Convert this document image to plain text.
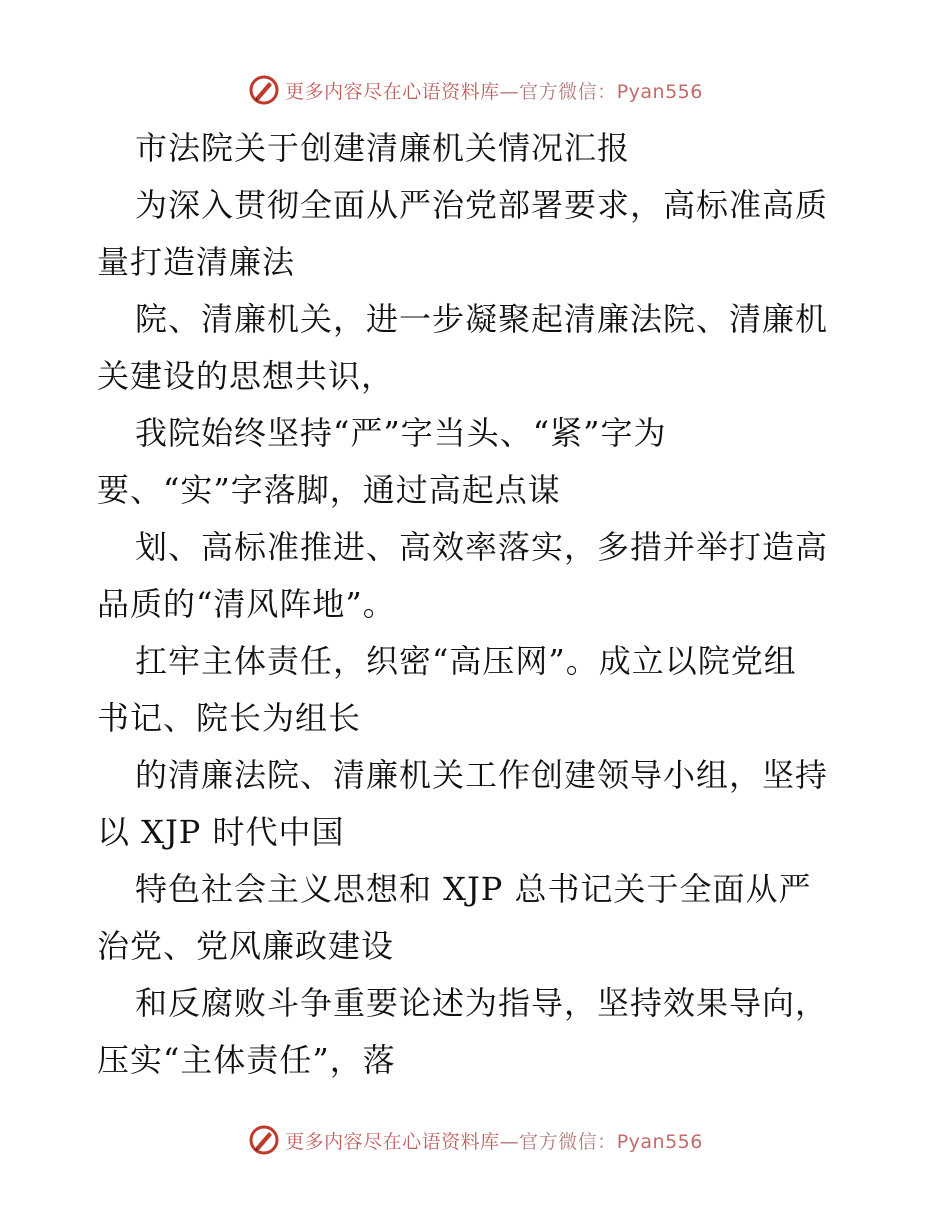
更多内容尽在心语资料库—官方微信：Pyan556
市法院关于创建清廉机关情况汇报
为深入贯彻全面从严治党部署要求，高标准高质
量打造清廉法
院、清廉机关，进一步凝聚起清廉法院、清廉机
关建设的思想共识，
我院始终坚持“严”字当头、“紧”字为
要、“实”字落脚，通过高起点谋
划、高标准推进、高效率落实，多措并举打造高
品质的“清风阵地”。
扛牢主体责任，织密“高压网”。成立以院党组
书记、院长为组长
的清廉法院、清廉机关工作创建领导小组，坚持
以 XJP 时代中国
特色社会主义思想和 XJP 总书记关于全面从严
治党、党风廉政建设
和反腐败斗争重要论述为指导，坚持效果导向，
压实“主体责任”，落
更多内容尽在心语资料库—官方微信：Pyan556
